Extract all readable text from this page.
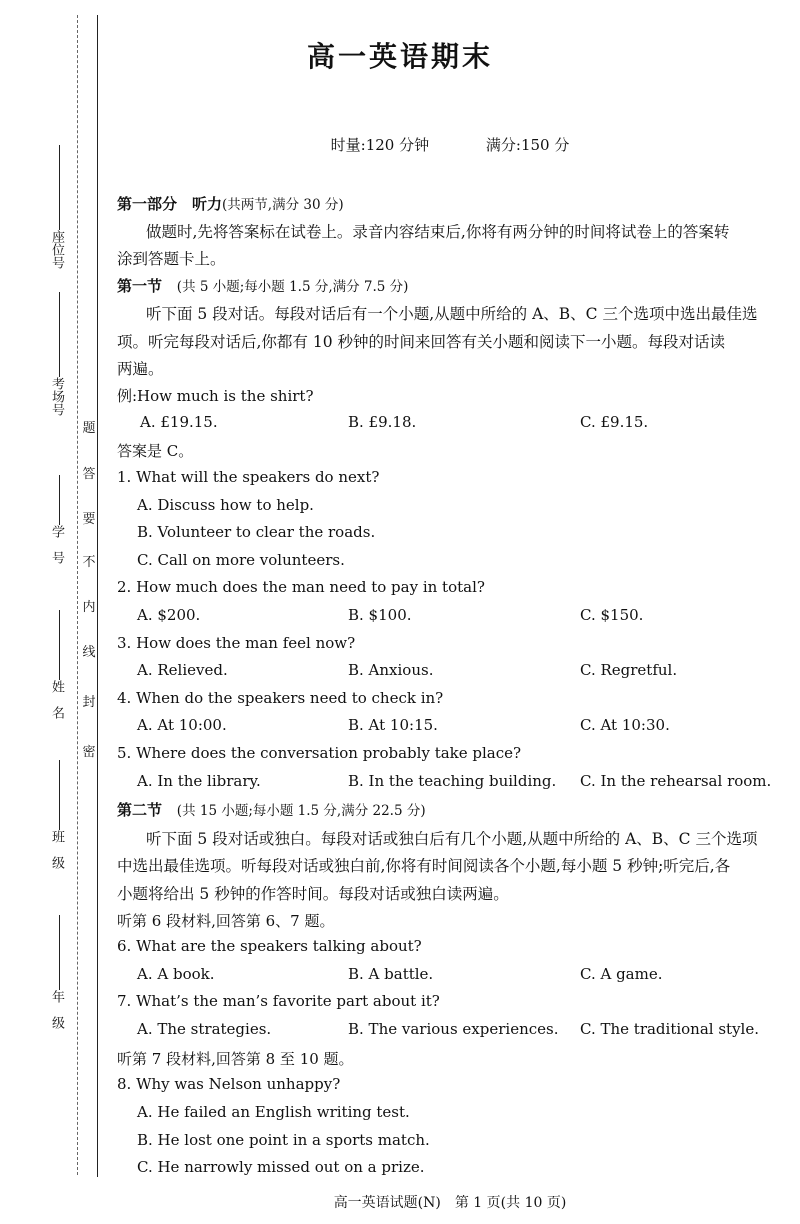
座位号
考场号
学　号
姓　名
班　级
年　级
密
封
线
内
不
要
答
题
高一英语期末
时量:120 分钟	满分:150 分
第一部分　听力(共两节,满分 30 分)
做题时,先将答案标在试卷上。录音内容结束后,你将有两分钟的时间将试卷上的答案转
涂到答题卡上。
第一节 (共 5 小题;每小题 1.5 分,满分 7.5 分)
听下面 5 段对话。每段对话后有一个小题,从题中所给的 A、B、C 三个选项中选出最佳选
项。听完每段对话后,你都有 10 秒钟的时间来回答有关小题和阅读下一小题。每段对话读
两遍。
例:How much is the shirt?
A. £19.15.	B. £9.18.	C. £9.15.
答案是 C。
1. What will the speakers do next?
A. Discuss how to help.
B. Volunteer to clear the roads.
C. Call on more volunteers.
2. How much does the man need to pay in total?
A. $200.	B. $100.	C. $150.
3. How does the man feel now?
A. Relieved.	B. Anxious.	C. Regretful.
4. When do the speakers need to check in?
A. At 10:00.	B. At 10:15.	C. At 10:30.
5. Where does the conversation probably take place?
A. In the library.	B. In the teaching building. C. In the rehearsal room.
第二节 (共 15 小题;每小题 1.5 分,满分 22.5 分)
听下面 5 段对话或独白。每段对话或独白后有几个小题,从题中所给的 A、B、C 三个选项
中选出最佳选项。听每段对话或独白前,你将有时间阅读各个小题,每小题 5 秒钟;听完后,各
小题将给出 5 秒钟的作答时间。每段对话或独白读两遍。
听第 6 段材料,回答第 6、7 题。
6. What are the speakers talking about?
A. A book.	B. A battle.	C. A game.
7. What’s the man’s favorite part about it?
A. The strategies.	B. The various experiences. C. The traditional style.
听第 7 段材料,回答第 8 至 10 题。
8. Why was Nelson unhappy?
A. He failed an English writing test.
B. He lost one point in a sports match.
C. He narrowly missed out on a prize.
高一英语试题(N)　第 1 页(共 10 页)
